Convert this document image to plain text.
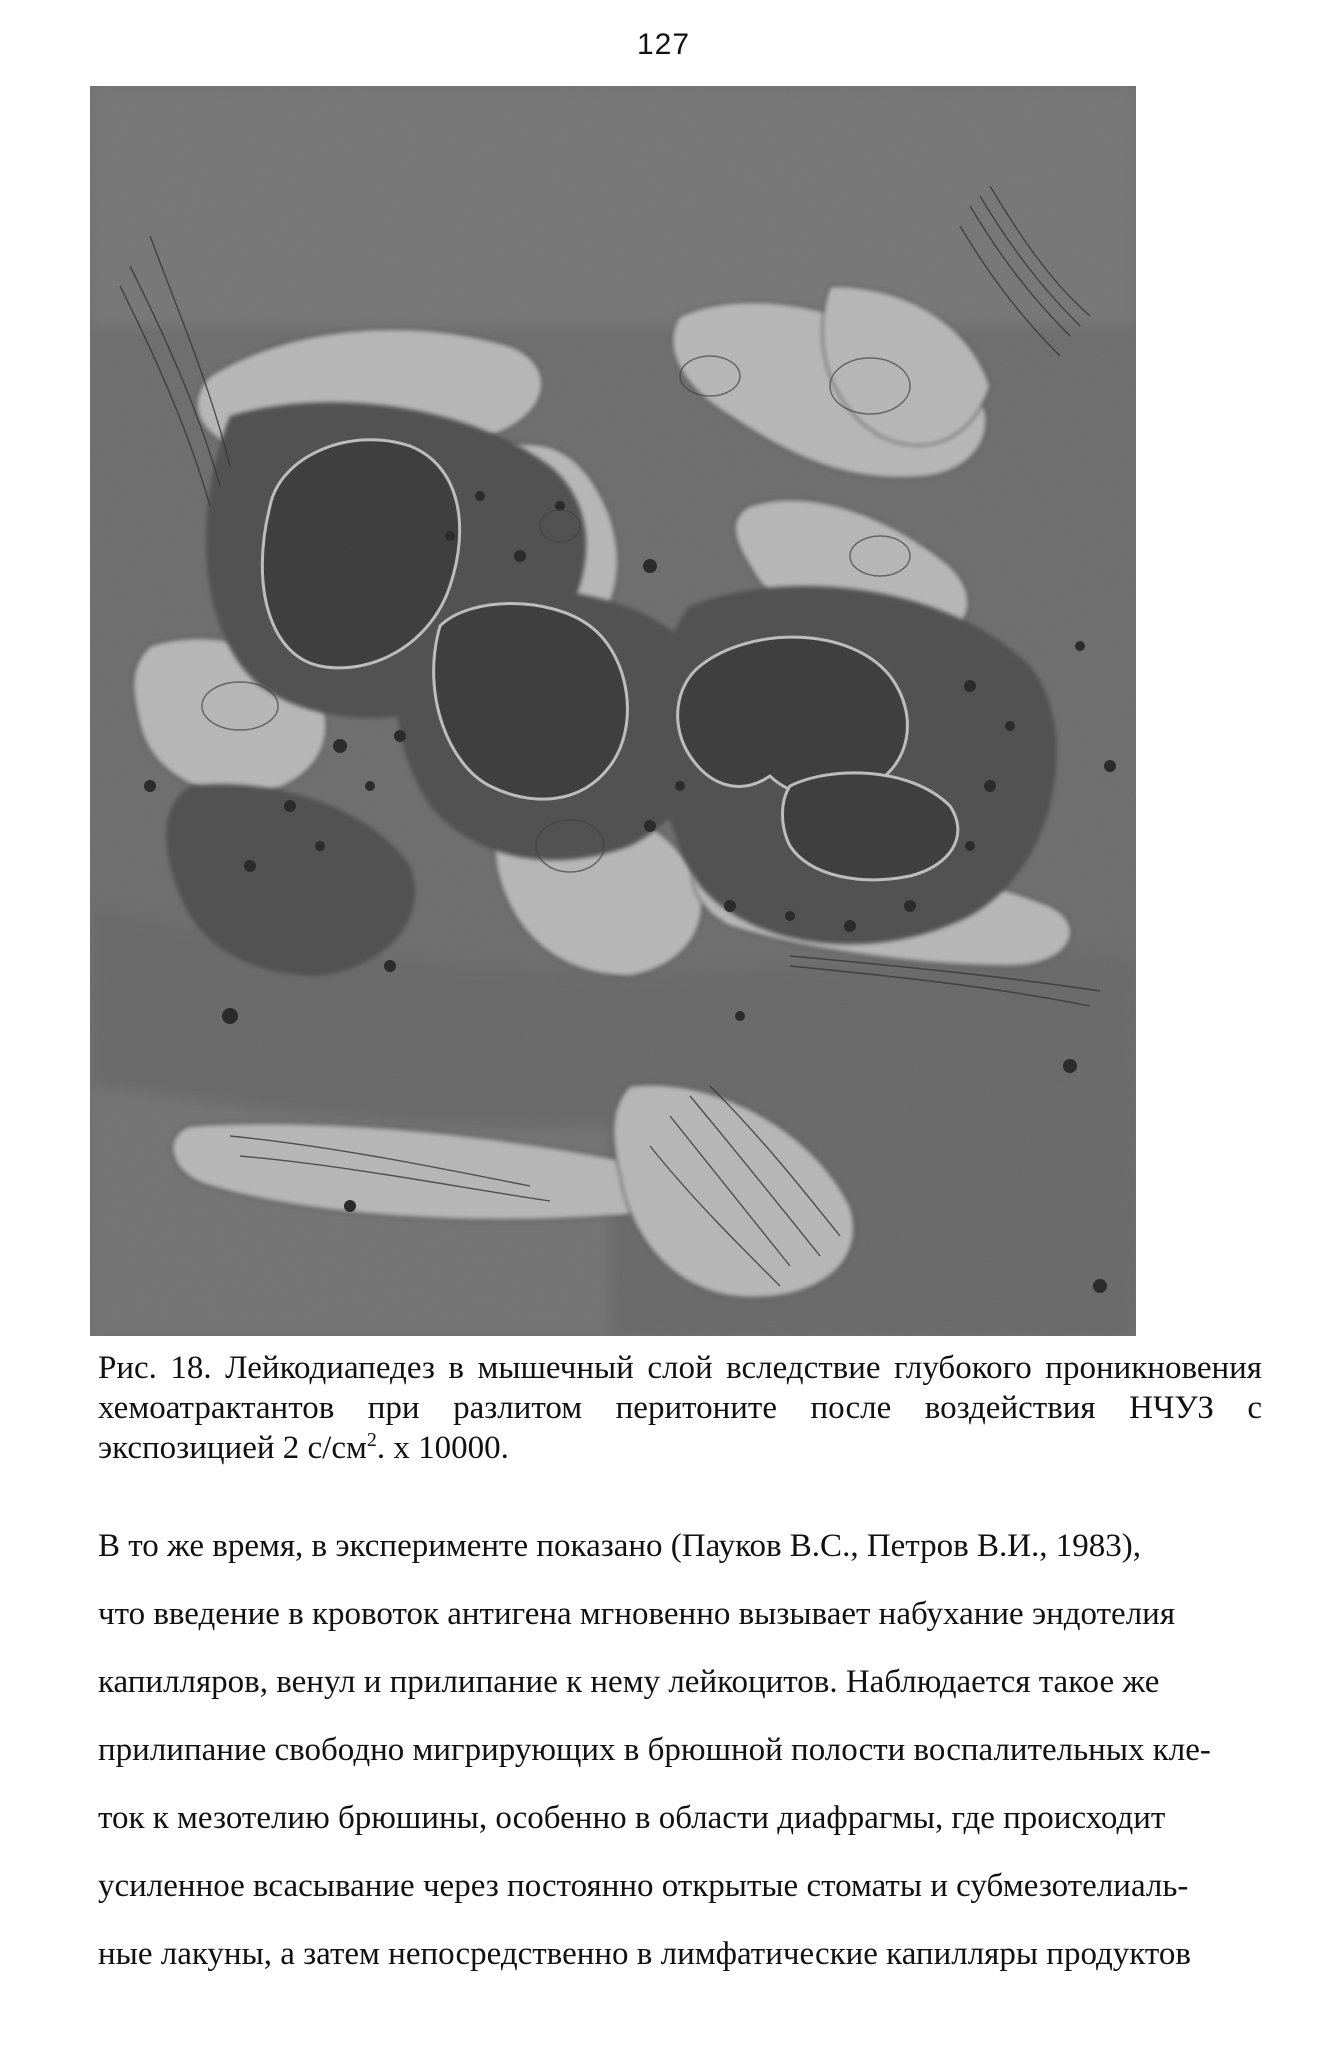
127
Рис. 18. Лейкодиапедез в мышечный слой вследствие глубокого проникновения хемоатрактантов при разлитом перитоните после воздействия НЧУЗ с экспозицией 2 $с/см^2$. х 10000.
В то же время, в эксперименте показано (Пауков В.С., Петров В.И., 1983),
что введение в кровоток антигена мгновенно вызывает набухание эндотелия
капилляров, венул и прилипание к нему лейкоцитов. Наблюдается такое же
прилипание свободно мигрирующих в брюшной полости воспалительных кле-
ток к мезотелию брюшины, особенно в области диафрагмы, где происходит
усиленное всасывание через постоянно открытые стоматы и субмезотелиаль-
ные лакуны, а затем непосредственно в лимфатические капилляры продуктов
